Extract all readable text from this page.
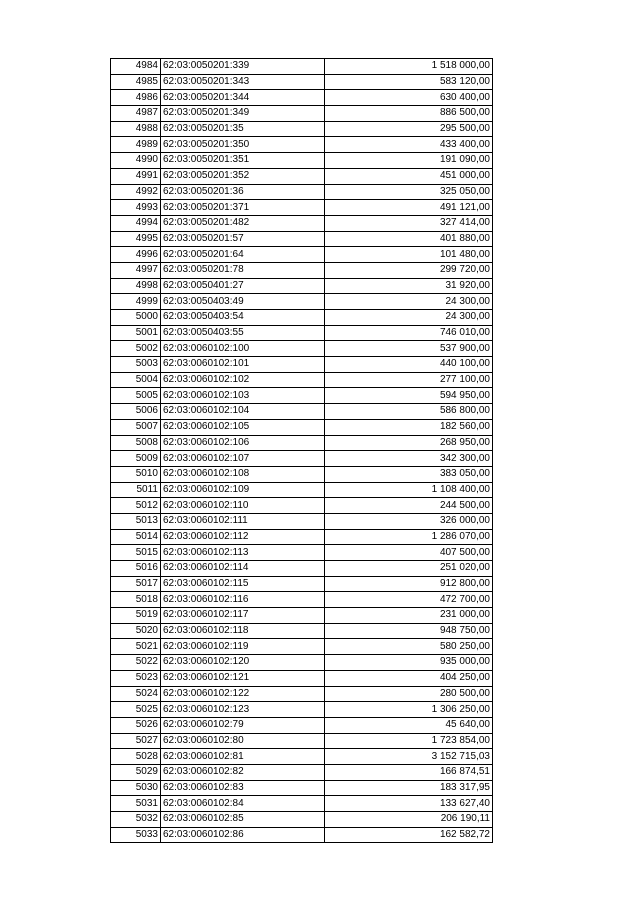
4984	62:03:0050201:339	1 518 000,00
4985	62:03:0050201:343	583 120,00
4986	62:03:0050201:344	630 400,00
4987	62:03:0050201:349	886 500,00
4988	62:03:0050201:35	295 500,00
4989	62:03:0050201:350	433 400,00
4990	62:03:0050201:351	191 090,00
4991	62:03:0050201:352	451 000,00
4992	62:03:0050201:36	325 050,00
4993	62:03:0050201:371	491 121,00
4994	62:03:0050201:482	327 414,00
4995	62:03:0050201:57	401 880,00
4996	62:03:0050201:64	101 480,00
4997	62:03:0050201:78	299 720,00
4998	62:03:0050401:27	31 920,00
4999	62:03:0050403:49	24 300,00
5000	62:03:0050403:54	24 300,00
5001	62:03:0050403:55	746 010,00
5002	62:03:0060102:100	537 900,00
5003	62:03:0060102:101	440 100,00
5004	62:03:0060102:102	277 100,00
5005	62:03:0060102:103	594 950,00
5006	62:03:0060102:104	586 800,00
5007	62:03:0060102:105	182 560,00
5008	62:03:0060102:106	268 950,00
5009	62:03:0060102:107	342 300,00
5010	62:03:0060102:108	383 050,00
5011	62:03:0060102:109	1 108 400,00
5012	62:03:0060102:110	244 500,00
5013	62:03:0060102:111	326 000,00
5014	62:03:0060102:112	1 286 070,00
5015	62:03:0060102:113	407 500,00
5016	62:03:0060102:114	251 020,00
5017	62:03:0060102:115	912 800,00
5018	62:03:0060102:116	472 700,00
5019	62:03:0060102:117	231 000,00
5020	62:03:0060102:118	948 750,00
5021	62:03:0060102:119	580 250,00
5022	62:03:0060102:120	935 000,00
5023	62:03:0060102:121	404 250,00
5024	62:03:0060102:122	280 500,00
5025	62:03:0060102:123	1 306 250,00
5026	62:03:0060102:79	45 640,00
5027	62:03:0060102:80	1 723 854,00
5028	62:03:0060102:81	3 152 715,03
5029	62:03:0060102:82	166 874,51
5030	62:03:0060102:83	183 317,95
5031	62:03:0060102:84	133 627,40
5032	62:03:0060102:85	206 190,11
5033	62:03:0060102:86	162 582,72
